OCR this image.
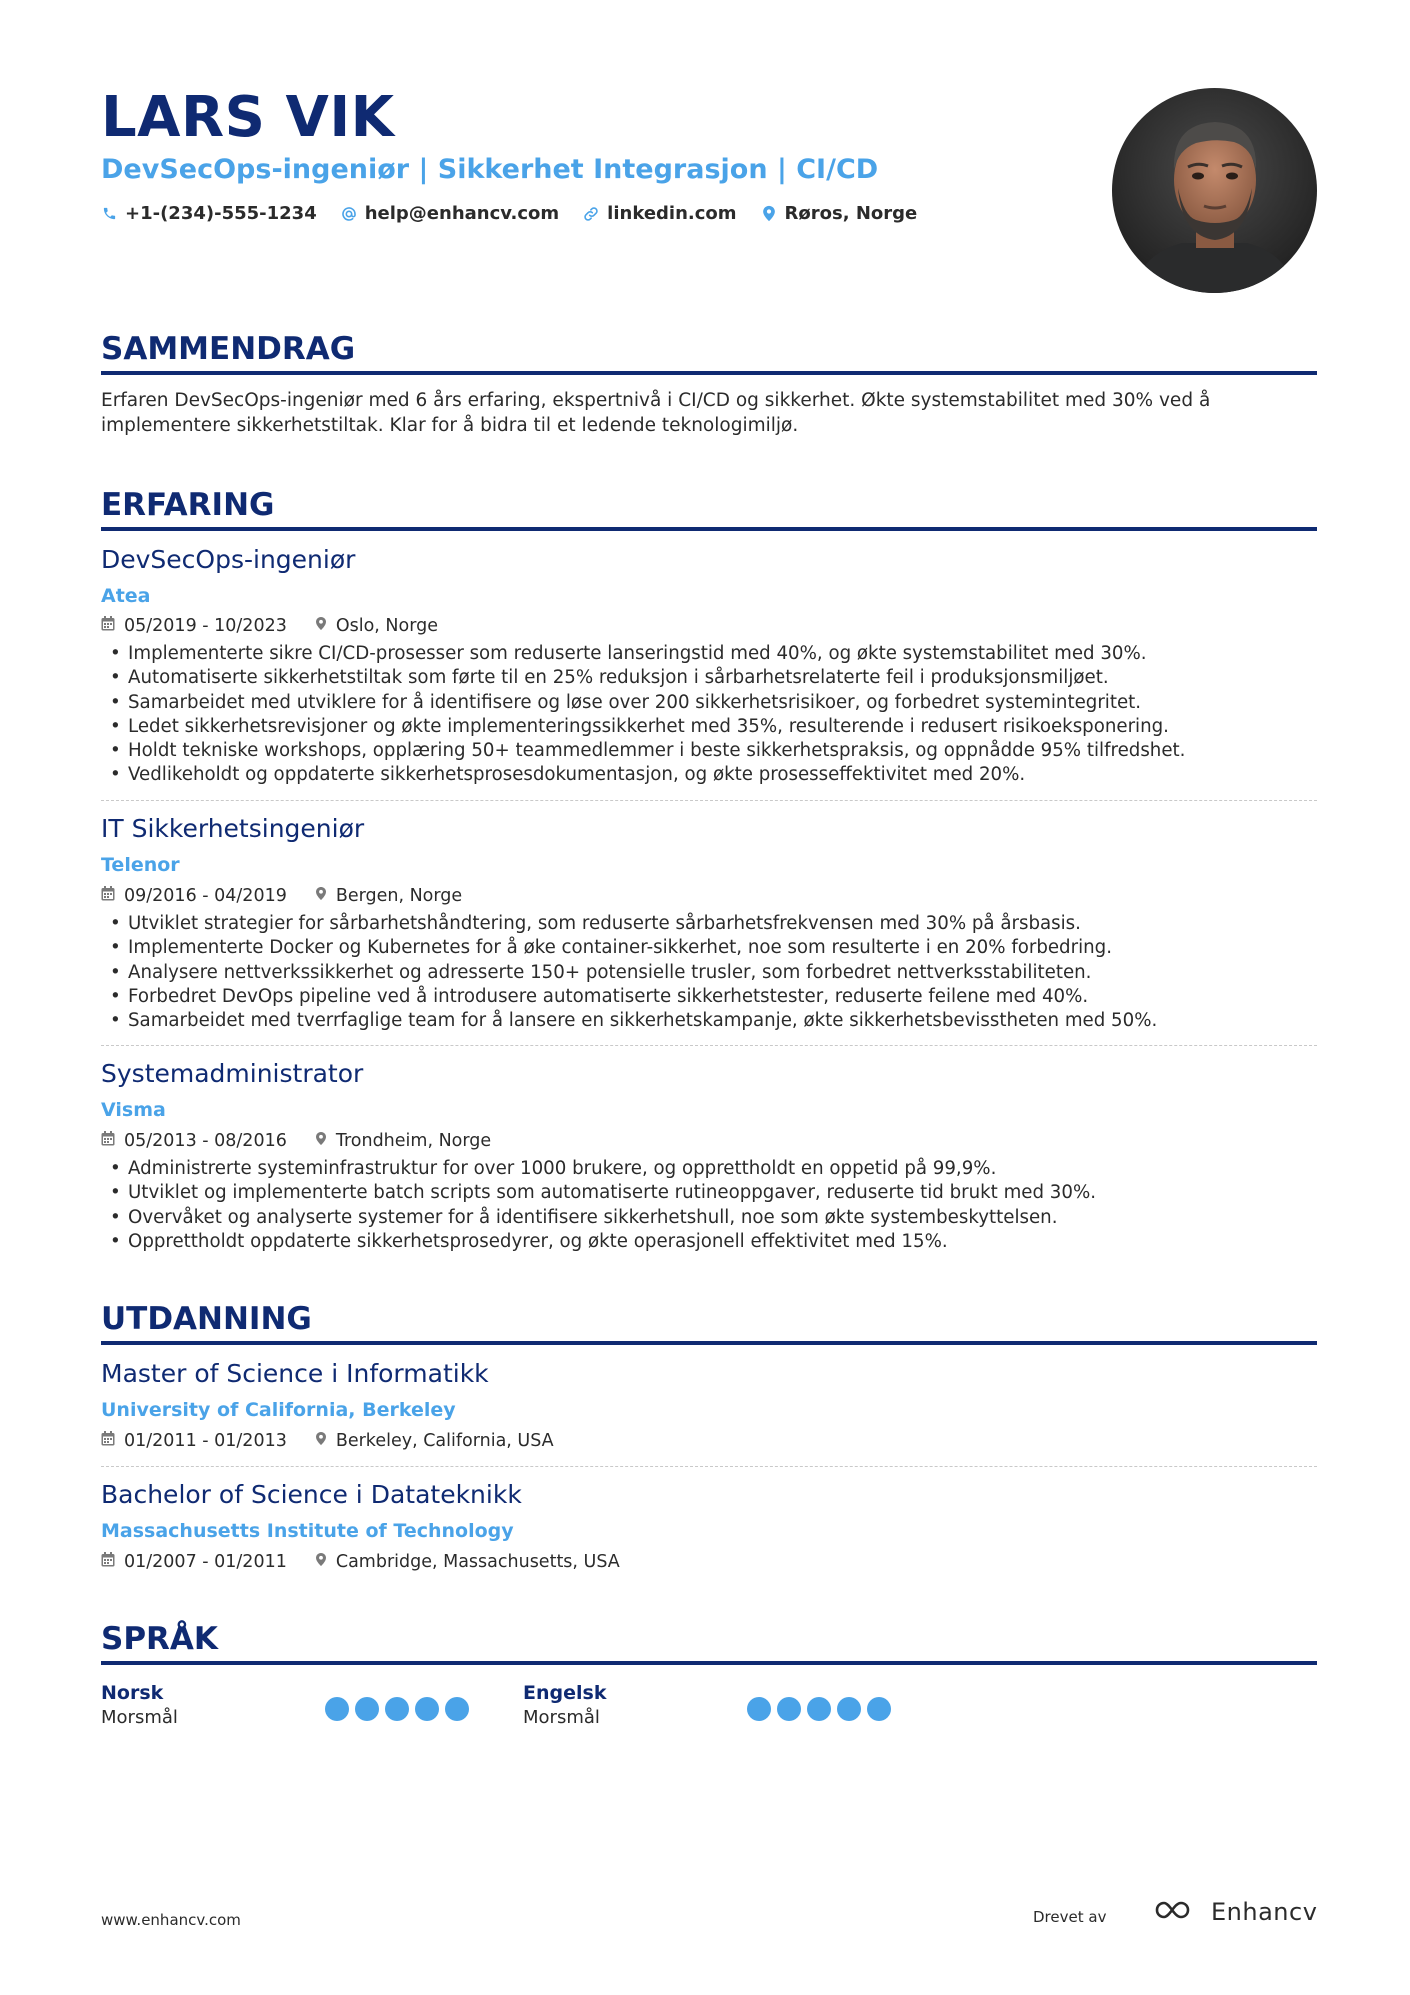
LARS VIK
DevSecOps-ingeniør | Sikkerhet Integrasjon | CI/CD
+1-(234)-555-1234	help@enhancv.com	linkedin.com	Røros, Norge
SAMMENDRAG
Erfaren DevSecOps-ingeniør med 6 års erfaring, ekspertnivå i CI/CD og sikkerhet. Økte systemstabilitet med 30% ved å
implementere sikkerhetstiltak. Klar for å bidra til et ledende teknologimiljø.
ERFARING
DevSecOps-ingeniør
Atea
05/2019 - 10/2023	Oslo, Norge
• Implementerte sikre CI/CD-prosesser som reduserte lanseringstid med 40%, og økte systemstabilitet med 30%.
• Automatiserte sikkerhetstiltak som førte til en 25% reduksjon i sårbarhetsrelaterte feil i produksjonsmiljøet.
• Samarbeidet med utviklere for å identifisere og løse over 200 sikkerhetsrisikoer, og forbedret systemintegritet.
• Ledet sikkerhetsrevisjoner og økte implementeringssikkerhet med 35%, resulterende i redusert risikoeksponering.
• Holdt tekniske workshops, opplæring 50+ teammedlemmer i beste sikkerhetspraksis, og oppnådde 95% tilfredshet.
• Vedlikeholdt og oppdaterte sikkerhetsprosesdokumentasjon, og økte prosesseffektivitet med 20%.
IT Sikkerhetsingeniør
Telenor
09/2016 - 04/2019	Bergen, Norge
• Utviklet strategier for sårbarhetshåndtering, som reduserte sårbarhetsfrekvensen med 30% på årsbasis.
• Implementerte Docker og Kubernetes for å øke container-sikkerhet, noe som resulterte i en 20% forbedring.
• Analysere nettverkssikkerhet og adresserte 150+ potensielle trusler, som forbedret nettverksstabiliteten.
• Forbedret DevOps pipeline ved å introdusere automatiserte sikkerhetstester, reduserte feilene med 40%.
• Samarbeidet med tverrfaglige team for å lansere en sikkerhetskampanje, økte sikkerhetsbevisstheten med 50%.
Systemadministrator
Visma
05/2013 - 08/2016	Trondheim, Norge
• Administrerte systeminfrastruktur for over 1000 brukere, og opprettholdt en oppetid på 99,9%.
• Utviklet og implementerte batch scripts som automatiserte rutineoppgaver, reduserte tid brukt med 30%.
• Overvåket og analyserte systemer for å identifisere sikkerhetshull, noe som økte systembeskyttelsen.
• Opprettholdt oppdaterte sikkerhetsprosedyrer, og økte operasjonell effektivitet med 15%.
UTDANNING
Master of Science i Informatikk
University of California, Berkeley
01/2011 - 01/2013	Berkeley, California, USA
Bachelor of Science i Datateknikk
Massachusetts Institute of Technology
01/2007 - 01/2011	Cambridge, Massachusetts, USA
SPRÅK
Norsk
Morsmål
Engelsk
Morsmål
www.enhancv.com	Drevet av	Enhancv
